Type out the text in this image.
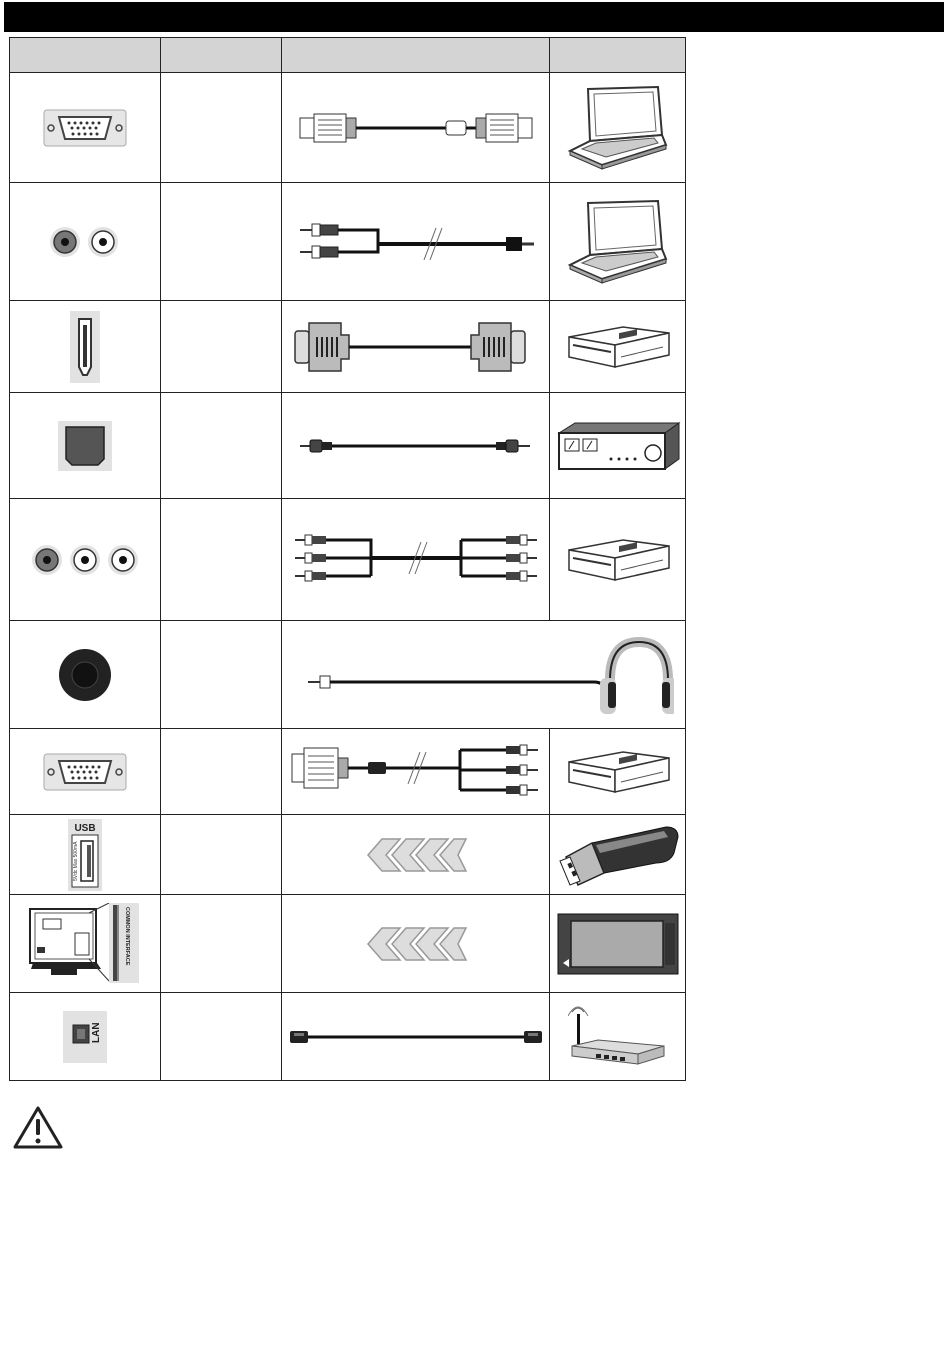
USB
5Vdc Max 500mA

COMMON INTERFACE

LAN
